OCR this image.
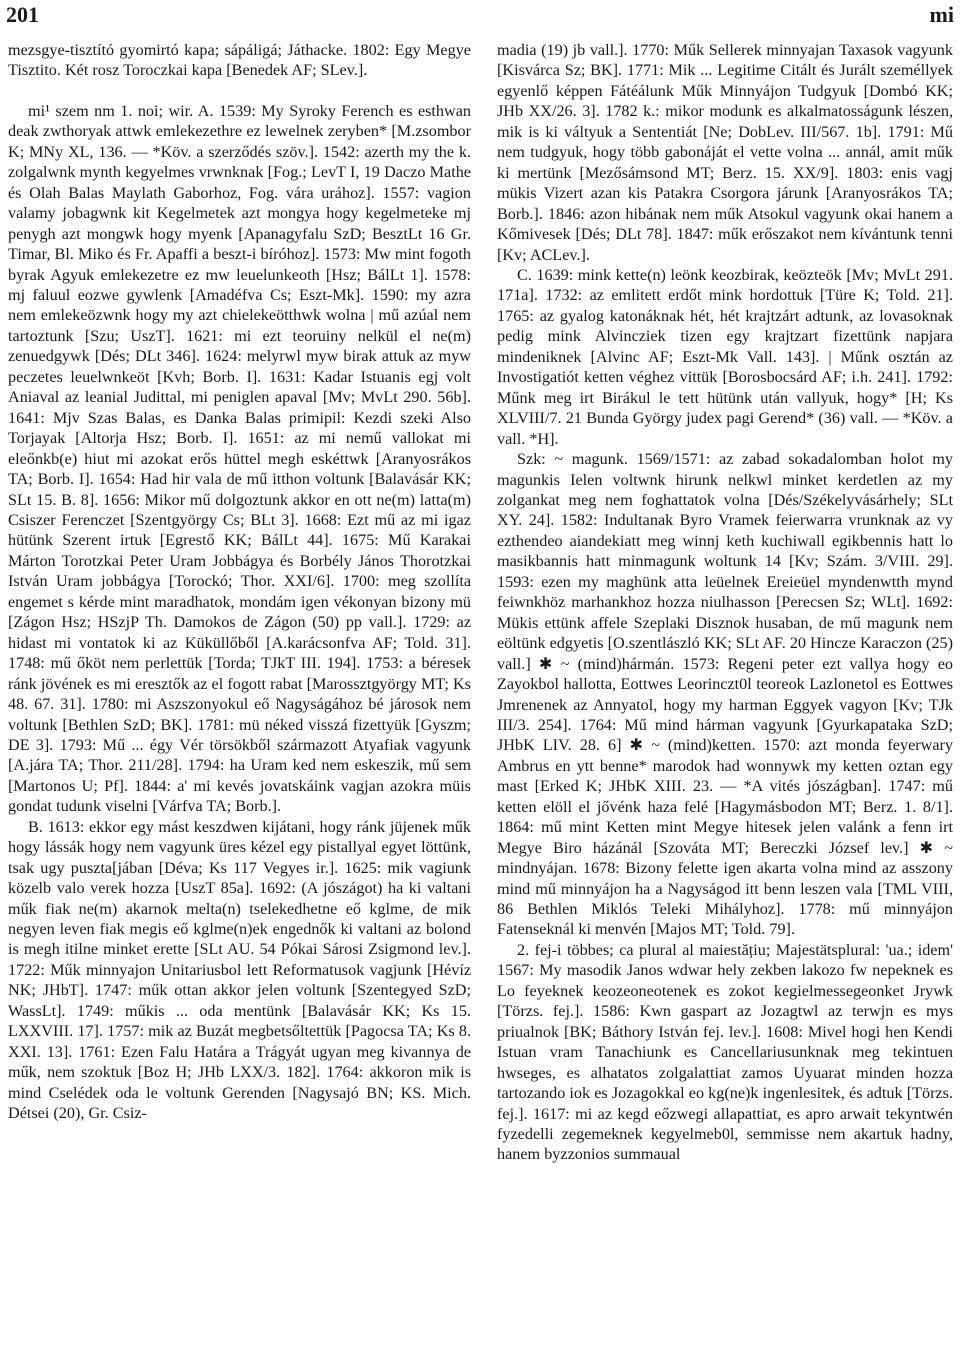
201	mi

mezsgye-tisztító gyomirtó kapa; sápáligá; Játhacke. 1802: Egy Megye Tisztito. Két rosz Toroczkai kapa [Benedek AF; SLev.].

mi¹ szem nm 1. noi; wir. A. 1539: My Syroky Ferench es esthwan deak zwthoryak attwk emlekezethre ez lewelnek zeryben* [M.zsombor K; MNy XL, 136. — *Köv. a szerződés szöv.]. 1542: azerth my the k. zolgalwnk mynth kegyelmes vrwnknak [Fog.; LevT I, 19 Daczo Mathe és Olah Balas Maylath Gaborhoz, Fog. vára urához]. 1557: vagion valamy jobagwnk kit Kegelmetek azt mongya hogy kegelmeteke mj penygh azt mongwk hogy myenk [Apanagyfalu SzD; BesztLt 16 Gr. Timar, Bl. Miko és Fr. Apaffi a beszt-i bíróhoz]. 1573: Mw mint fogoth byrak Agyuk emlekezetre ez mw leuelunkeoth [Hsz; BálLt 1]. 1578: mj faluul eozwe gywlenk [Amadéfva Cs; Eszt-Mk]. 1590: my azra nem emlekeözwnk hogy my azt chielekeötthwk wolna | mű azúal nem tartoztunk [Szu; UszT]. 1621: mi ezt teoruiny nelkül el ne(m) zenuedgywk [Dés; DLt 346]. 1624: melyrwl myw birak attuk az myw peczetes leuelwnkeöt [Kvh; Borb. I]. 1631: Kadar Istuanis egj volt Aniaval az leanial Judittal, mi peniglen apaval [Mv; MvLt 290. 56b]. 1641: Mjv Szas Balas, es Danka Balas primipil: Kezdi szeki Also Torjayak [Altorja Hsz; Borb. I]. 1651: az mi nemű vallokat mi eleőnkb(e) hiut mi azokat erős hüttel megh eskéttwk [Aranyosrákos TA; Borb. I]. 1654: Had hir vala de mű itthon voltunk [Balavásár KK; SLt 15. B. 8]. 1656: Mikor mű dolgoztunk akkor en ott ne(m) latta(m) Csiszer Ferenczet [Szentgyörgy Cs; BLt 3]. 1668: Ezt mű az mi igaz hütünk Szerent irtuk [Egrestő KK; BálLt 44]. 1675: Mű Karakai Márton Torotzkai Peter Uram Jobbágya és Borbély János Thorotzkai István Uram jobbágya [Torockó; Thor. XXI/6]. 1700: meg szollíta engemet s kérde mint maradhatok, mondám igen vékonyan bizony mü [Zágon Hsz; HSzjP Th. Damokos de Zágon (50) pp vall.]. 1729: az hidast mi vontatok ki az Küküllőből [A.karácsonfva AF; Told. 31]. 1748: mű őköt nem perlettük [Torda; TJkT III. 194]. 1753: a béresek ránk jövének es mi eresztők az el fogott rabat [Marossztgyörgy MT; Ks 48. 67. 31]. 1780: mi Aszszonyokul eő Nagyságához bé járosok nem voltunk [Bethlen SzD; BK]. 1781: mü néked visszá fizettyük [Gyszm; DE 3]. 1793: Mű ... égy Vér törsökből származott Atyafiak vagyunk [A.jára TA; Thor. 211/28]. 1794: ha Uram ked nem eskeszik, mű sem [Martonos U; Pf]. 1844: a' mi kevés jovatskáink vagjan azokra müis gondat tudunk viselni [Várfva TA; Borb.].

B. 1613: ekkor egy mást keszdwen kijátani, hogy ránk jüjenek műk hogy lássák hogy nem vagyunk üres kézel egy pistallyal egyet löttünk, tsak ugy puszta[jában [Déva; Ks 117 Vegyes ir.]. 1625: mik vagiunk közelb valo verek hozza [UszT 85a]. 1692: (A jószágot) ha ki valtani műk fiak ne(m) akarnok melta(n) tselekedhetne eő kglme, de mik negyen leven fiak megis eő kglme(n)ek engednők ki valtani az bolond is megh itilne minket erette [SLt AU. 54 Pókai Sárosi Zsigmond lev.]. 1722: Műk minnyajon Unitariusbol lett Reformatusok vagjunk [Hévíz NK; JHbT]. 1747: műk ottan akkor jelen voltunk [Szentegyed SzD; WassLt]. 1749: műkis ... oda mentünk [Balavásár KK; Ks 15. LXXVIII. 17]. 1757: mik az Buzát megbetsőltettük [Pagocsa TA; Ks 8. XXI. 13]. 1761: Ezen Falu Határa a Trágyát ugyan meg kivannya de műk, nem szoktuk [Boz H; JHb LXX/3. 182]. 1764: akkoron mik is mind Cselédek oda le voltunk Gerenden [Nagysajó BN; KS. Mich. Détsei (20), Gr. Csiz-

madia (19) jb vall.]. 1770: Műk Sellerek minnyajan Taxasok vagyunk [Kisvárca Sz; BK]. 1771: Mik ... Legitime Citált és Jurált személlyek egyenlő képpen Fátéálunk Műk Minnyájon Tudgyuk [Dombó KK; JHb XX/26. 3]. 1782 k.: mikor modunk es alkalmatosságunk lészen, mik is ki váltyuk a Sententiát [Ne; DobLev. III/567. 1b]. 1791: Mű nem tudgyuk, hogy több gabonáját el vette volna ... annál, amit műk ki mertünk [Mezősámsond MT; Berz. 15. XX/9]. 1803: enis vagj mükis Vizert azan kis Patakra Csorgora járunk [Aranyosrákos TA; Borb.]. 1846: azon hibának nem műk Atsokul vagyunk okai hanem a Kőmivesek [Dés; DLt 78]. 1847: műk erőszakot nem kívántunk tenni [Kv; ACLev.].

C. 1639: mink kette(n) leönk keozbirak, keözteök [Mv; MvLt 291. 171a]. 1732: az emlitett erdőt mink hordottuk [Türe K; Told. 21]. 1765: az gyalog katonáknak hét, hét krajtzárt adtunk, az lovasoknak pedig mink Alvincziek tizen egy krajtzart fizettünk napjara mindeniknek [Alvinc AF; Eszt-Mk Vall. 143]. | Műnk osztán az Invostigatiót ketten véghez vittük [Borosbocsárd AF; i.h. 241]. 1792: Műnk meg irt Birákul le tett hütünk után vallyuk, hogy* [H; Ks XLVIII/7. 21 Bunda György judex pagi Gerend* (36) vall. — *Köv. a vall. *H].

Szk: ~ magunk. 1569/1571: az zabad sokadalomban holot my magunkis Ielen voltwnk hirunk nelkwl minket kerdetlen az my zolgankat meg nem foghattatok volna [Dés/Székelyvásárhely; SLt XY. 24]. 1582: Indultanak Byro Vramek feierwarra vrunknak az vy ezthendeo aiandekiatt meg winnj keth kuchiwall egikbennis hatt lo masikbannis hatt minmagunk woltunk 14 [Kv; Szám. 3/VIII. 29]. 1593: ezen my maghünk atta leüelnek Ereieüel myndenwtth mynd feiwnkhöz marhankhoz hozza niulhasson [Perecsen Sz; WLt]. 1692: Mükis ettünk affele Szeplaki Disznok husaban, de mű magunk nem eöltünk edgyetis [O.szentlászló KK; SLt AF. 20 Hincze Karaczon (25) vall.] ✱ ~ (mind)hármán. 1573: Regeni peter ezt vallya hogy eo Zayokbol hallotta, Eottwes Leorinczt0l teoreok Lazlonetol es Eottwes Jmrenenek az Annyatol, hogy my harman Eggyek vagyon [Kv; TJk III/3. 254]. 1764: Mű mind hárman vagyunk [Gyurkapataka SzD; JHbK LIV. 28. 6] ✱ ~ (mind)ketten. 1570: azt monda feyerwary Ambrus en ytt benne* marodok had wonnywk my ketten oztan egy mast [Erked K; JHbK XIII. 23. — *A vités jószágban]. 1747: mű ketten elöll el jővénk haza felé [Hagymásbodon MT; Berz. 1. 8/1]. 1864: mű mint Ketten mint Megye hitesek jelen valánk a fenn irt Megye Biro házánál [Szováta MT; Bereczki József lev.] ✱ ~ mindnyájan. 1678: Bizony felette igen akarta volna mind az asszony mind mű minnyájon ha a Nagyságod itt benn leszen vala [TML VIII, 86 Bethlen Miklós Teleki Mihályhoz]. 1778: mű minnyájon Fatenseknál ki menvén [Majos MT; Told. 79].

2. fej-i többes; ca plural al maiestățiu; Majestätsplural: 'ua.; idem' 1567: My masodik Janos wdwar hely zekben lakozo fw nepeknek es Lo feyeknek keozeoneotenek es zokot kegielmessegeonket Jrywk [Törzs. fej.]. 1586: Kwn gaspart az Jozagtwl az terwjn es mys priualnok [BK; Báthory István fej. lev.]. 1608: Mivel hogi hen Kendi Istuan vram Tanachiunk es Cancellariusunknak meg tekintuen hwseges, es alhatatos zolgalattiat zamos Uyuarat minden hozza tartozando iok es Jozagokkal eo kg(ne)k ingenlesitek, és adtuk [Törzs. fej.]. 1617: mi az kegd eőzwegi allapattiat, es apro arwait tekyntwén fyzedelli zegemeknek kegyelmeb0l, semmisse nem akartuk hadny, hanem byzzonios summaual
